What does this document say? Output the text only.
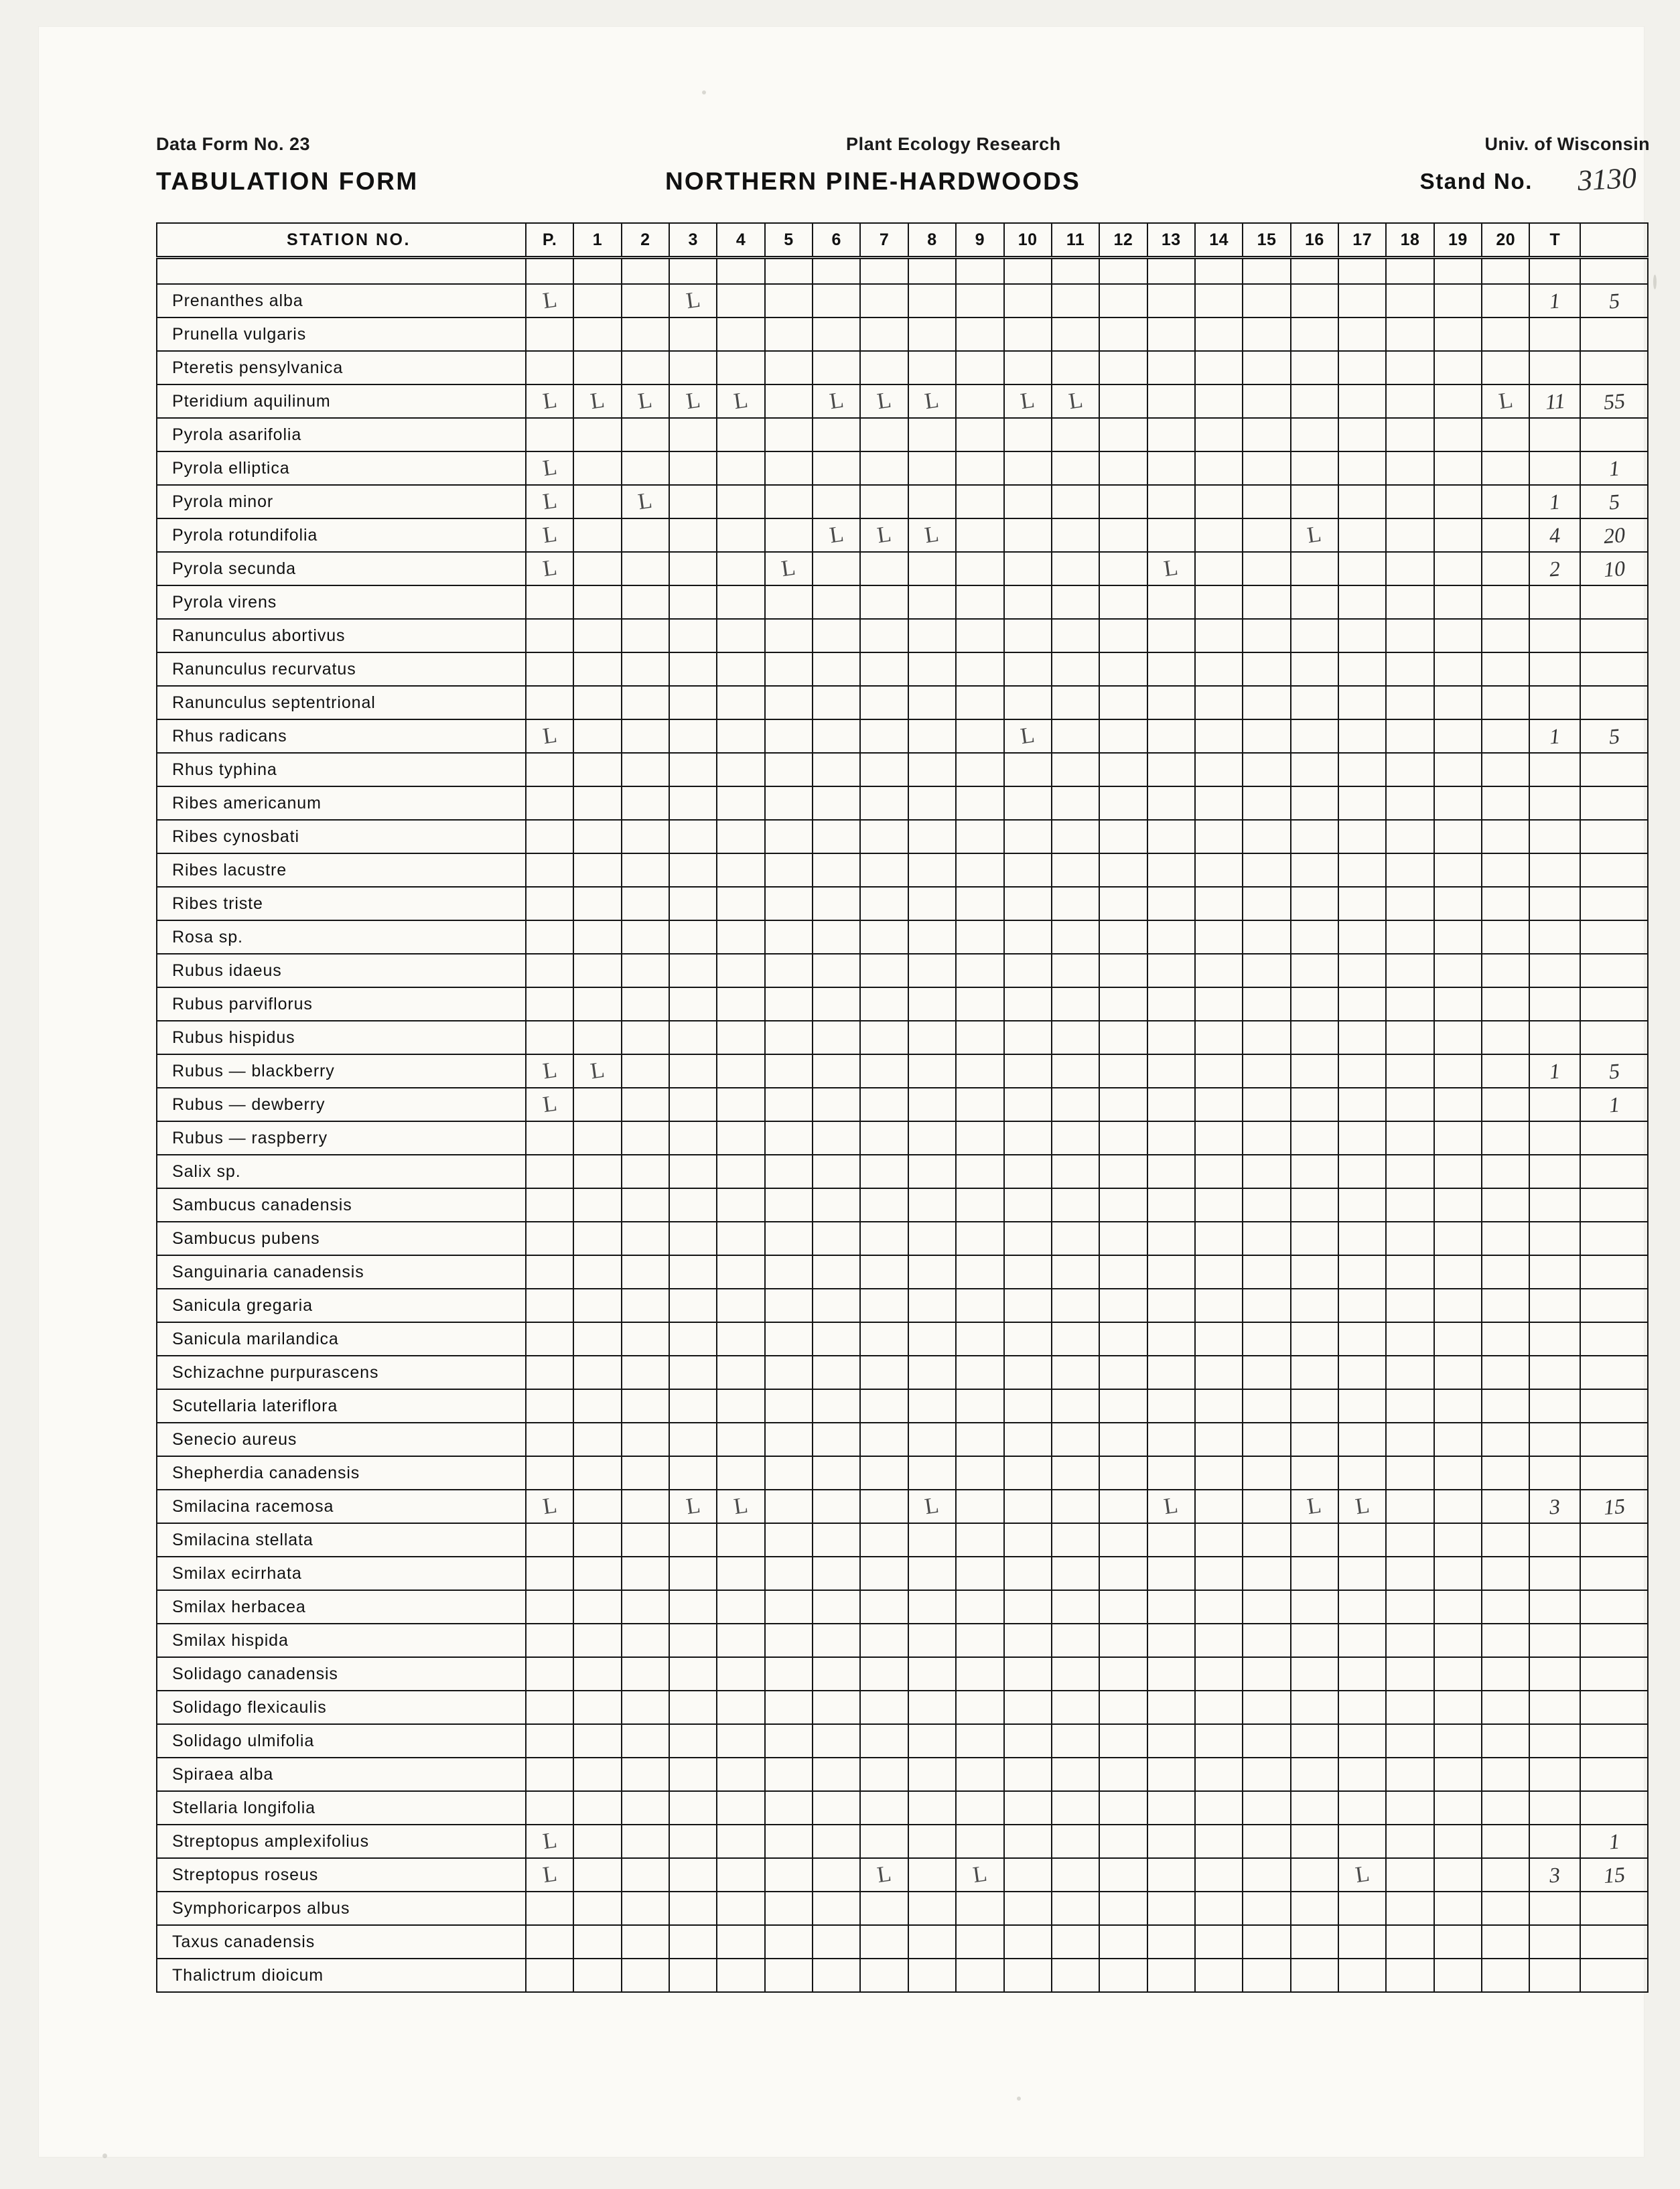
Data Form No. 23	Plant Ecology Research	Univ. of Wisconsin
TABULATION FORM	NORTHERN PINE-HARDWOODS	Stand No. 3130
STATION NO.	P.	1	2	3	4	5	6	7	8	9	10	11	12	13	14	15	16	17	18	19	20	T	

Prenanthes alba	L			L																		1	5
Prunella vulgaris																							
Pteretis pensylvanica																							
Pteridium aquilinum	L	L	L	L	L		L	L	L		L	L									L	11	55
Pyrola asarifolia																							
Pyrola elliptica	L																						1
Pyrola minor	L		L																			1	5
Pyrola rotundifolia	L						L	L	L								L					4	20
Pyrola secunda	L					L								L								2	10
Pyrola virens																							
Ranunculus abortivus																							
Ranunculus recurvatus																							
Ranunculus septentrional																							
Rhus radicans	L										L											1	5
Rhus typhina																							
Ribes americanum																							
Ribes cynosbati																							
Ribes lacustre																							
Ribes triste																							
Rosa sp.																							
Rubus idaeus																							
Rubus parviflorus																							
Rubus hispidus																							
Rubus — blackberry	L	L																				1	5
Rubus — dewberry	L																						1
Rubus — raspberry																							
Salix sp.																							
Sambucus canadensis																							
Sambucus pubens																							
Sanguinaria canadensis																							
Sanicula gregaria																							
Sanicula marilandica																							
Schizachne purpurascens																							
Scutellaria lateriflora																							
Senecio aureus																							
Shepherdia canadensis																							
Smilacina racemosa	L			L	L				L					L			L	L				3	15
Smilacina stellata																							
Smilax ecirrhata																							
Smilax herbacea																							
Smilax hispida																							
Solidago canadensis																							
Solidago flexicaulis																							
Solidago ulmifolia																							
Spiraea alba																							
Stellaria longifolia																							
Streptopus amplexifolius	L																						1
Streptopus roseus	L							L		L								L				3	15
Symphoricarpos albus																							
Taxus canadensis																							
Thalictrum dioicum																							
